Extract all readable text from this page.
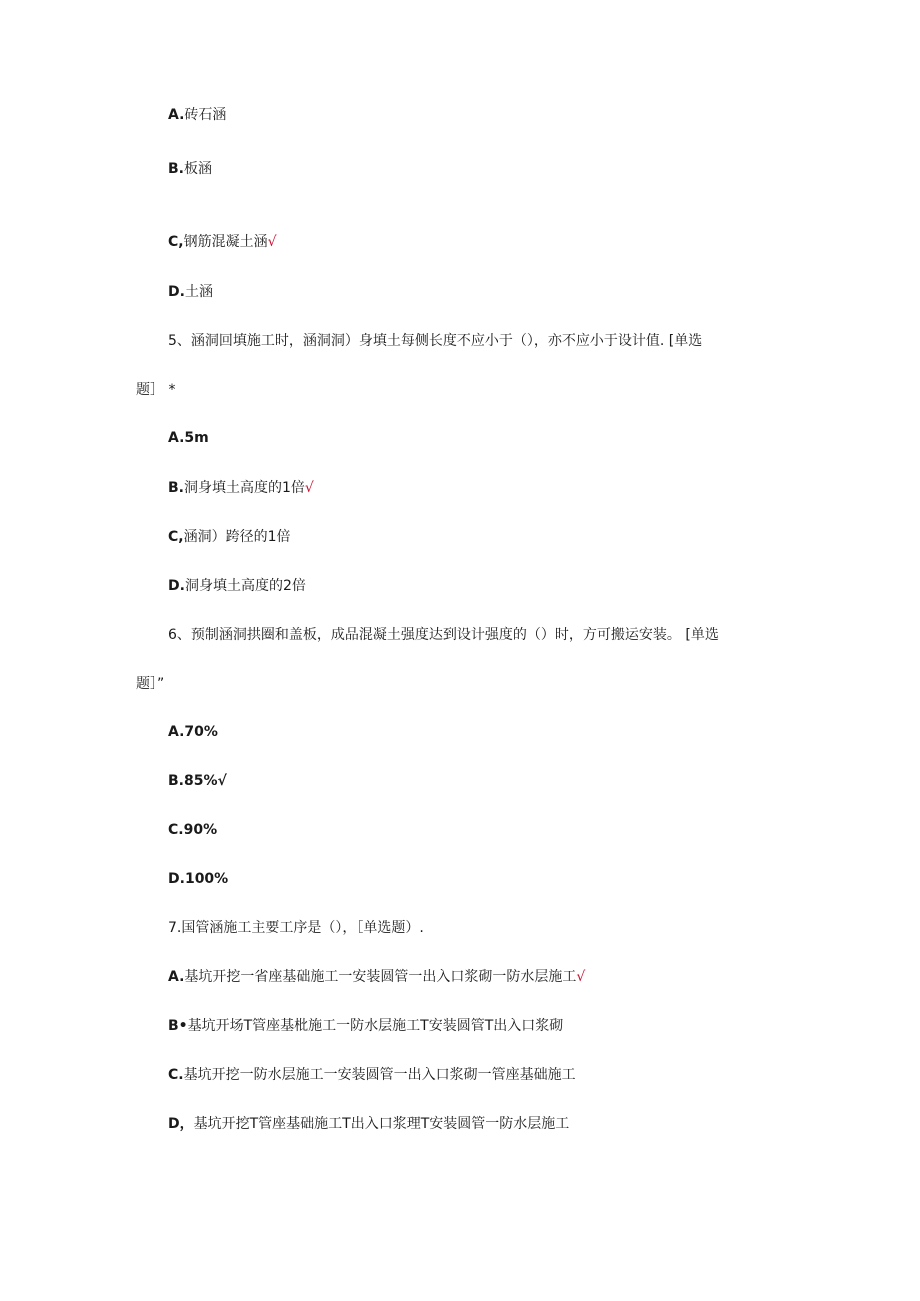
A.砖石涵
B.板涵
C,钢筋混凝土涵√
D.土涵
5、涵洞回填施工时，涵洞洞）身填土每侧长度不应小于（），亦不应小于设计值. [单选
题］ *
A.5m
B.洞身填土高度的1倍√
C,涵洞）跨径的1倍
D.洞身填土高度的2倍
6、预制涵洞拱圈和盖板，成品混凝土强度达到设计强度的（）时，方可搬运安装。 [单选
题］”
A.70%
B.85%√
C.90%
D.100%
7.国管涵施工主要工序是（），［单选题）.
A.基坑开挖一省座基础施工一安装圆管一出入口浆砌一防水层施工√
B•基坑开场T管座基枇施工一防水层施工T安装圆管T出入口浆砌
C.基坑开挖一防水层施工一安装圆管一出入口浆砌一管座基础施工
D，基坑开挖T管座基础施工T出入口浆理T安装圆管一防水层施工
